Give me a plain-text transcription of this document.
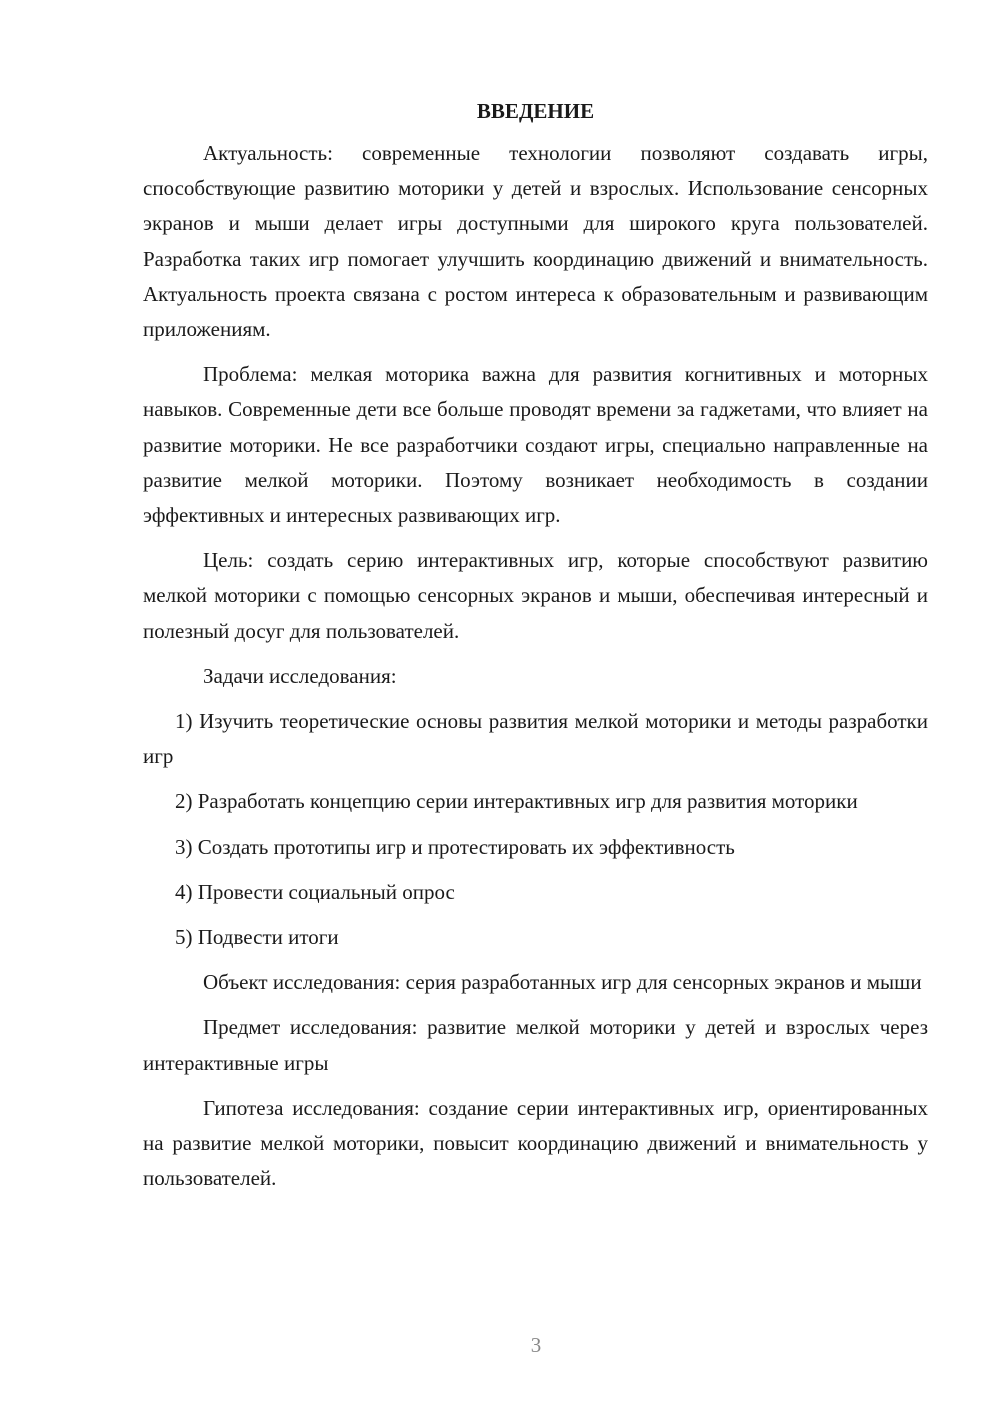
ВВЕДЕНИЕ

Актуальность: современные технологии позволяют создавать игры, способствующие развитию моторики у детей и взрослых. Использование сенсорных экранов и мыши делает игры доступными для широкого круга пользователей. Разработка таких игр помогает улучшить координацию движений и внимательность. Актуальность проекта связана с ростом интереса к образовательным и развивающим приложениям.

Проблема: мелкая моторика важна для развития когнитивных и моторных навыков. Современные дети все больше проводят времени за гаджетами, что влияет на развитие моторики. Не все разработчики создают игры, специально направленные на развитие мелкой моторики. Поэтому возникает необходимость в создании эффективных и интересных развивающих игр.

Цель: создать серию интерактивных игр, которые способствуют развитию мелкой моторики с помощью сенсорных экранов и мыши, обеспечивая интересный и полезный досуг для пользователей.

Задачи исследования:

1) Изучить теоретические основы развития мелкой моторики и методы разработки игр

2) Разработать концепцию серии интерактивных игр для развития моторики

3) Создать прототипы игр и протестировать их эффективность

4) Провести социальный опрос

5) Подвести итоги

Объект исследования: серия разработанных игр для сенсорных экранов и мыши

Предмет исследования: развитие мелкой моторики у детей и взрослых через интерактивные игры

Гипотеза исследования: создание серии интерактивных игр, ориентированных на развитие мелкой моторики, повысит координацию движений и внимательность у пользователей.

3
